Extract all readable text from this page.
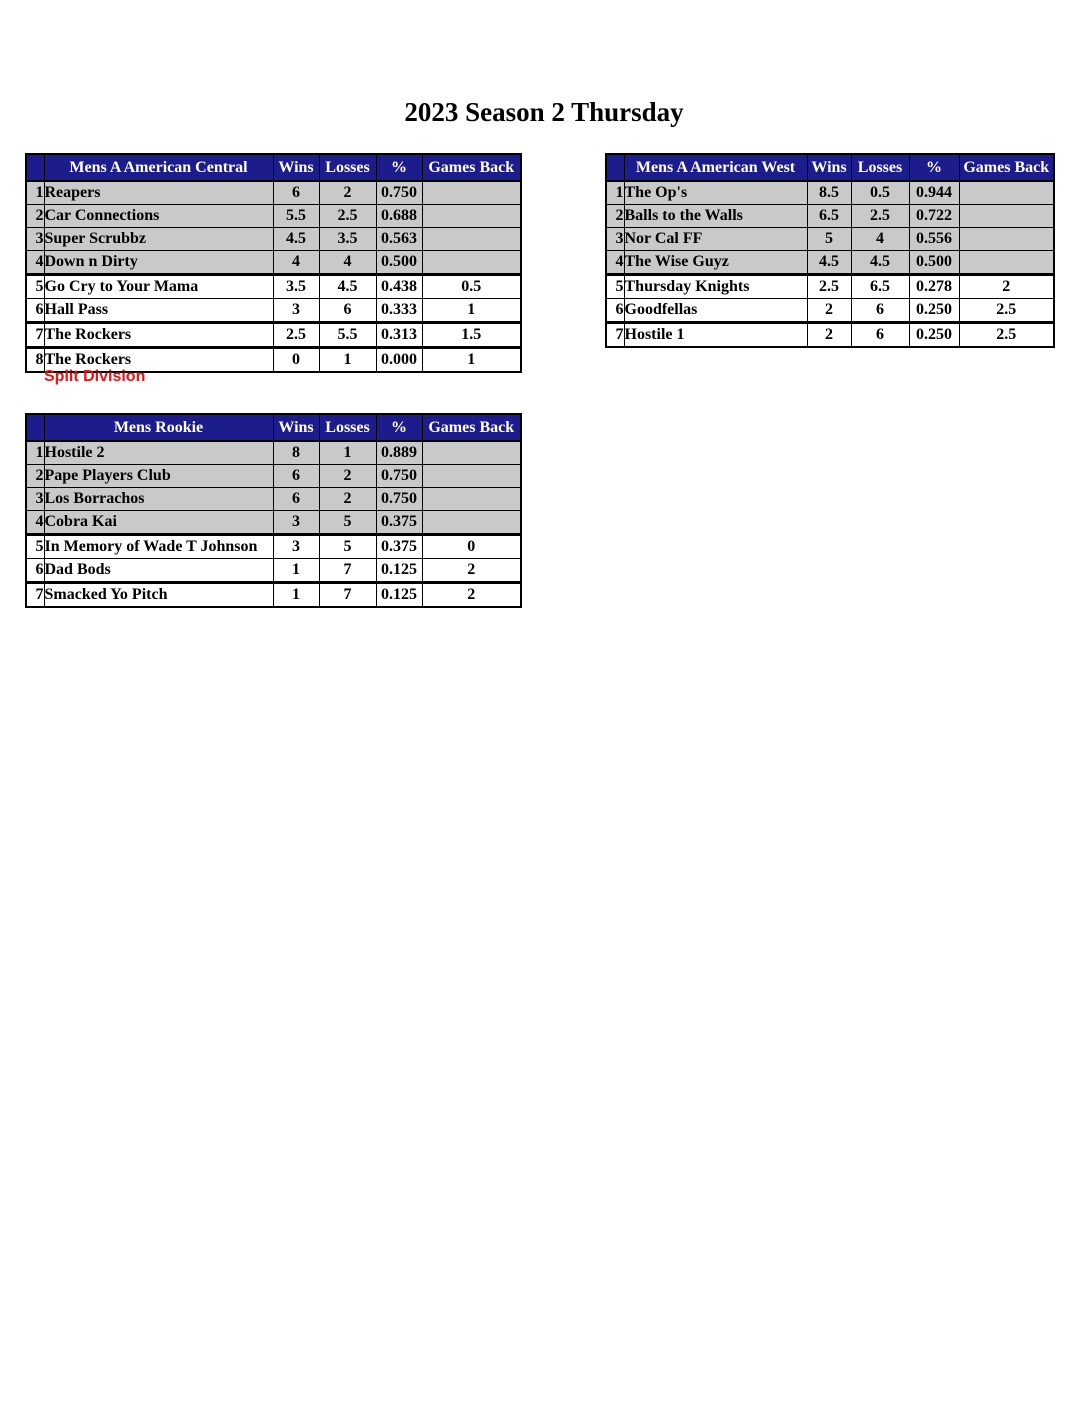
2023 Season 2 Thursday
	Mens A American Central	Wins	Losses	%	Games Back
1	Reapers	6	2	0.750	
2	Car Connections	5.5	2.5	0.688	
3	Super Scrubbz	4.5	3.5	0.563	
4	Down n Dirty	4	4	0.500	
5	Go Cry to Your Mama	3.5	4.5	0.438	0.5
6	Hall Pass	3	6	0.333	1
7	The Rockers	2.5	5.5	0.313	1.5
8	The Rockers	0	1	0.000	1
Split Division
	Mens A American West	Wins	Losses	%	Games Back
1	The Op's	8.5	0.5	0.944	
2	Balls to the Walls	6.5	2.5	0.722	
3	Nor Cal FF	5	4	0.556	
4	The Wise Guyz	4.5	4.5	0.500	
5	Thursday Knights	2.5	6.5	0.278	2
6	Goodfellas	2	6	0.250	2.5
7	Hostile 1	2	6	0.250	2.5
	Mens Rookie	Wins	Losses	%	Games Back
1	Hostile 2	8	1	0.889	
2	Pape Players Club	6	2	0.750	
3	Los Borrachos	6	2	0.750	
4	Cobra Kai	3	5	0.375	
5	In Memory of Wade T Johnson	3	5	0.375	0
6	Dad Bods	1	7	0.125	2
7	Smacked Yo Pitch	1	7	0.125	2
